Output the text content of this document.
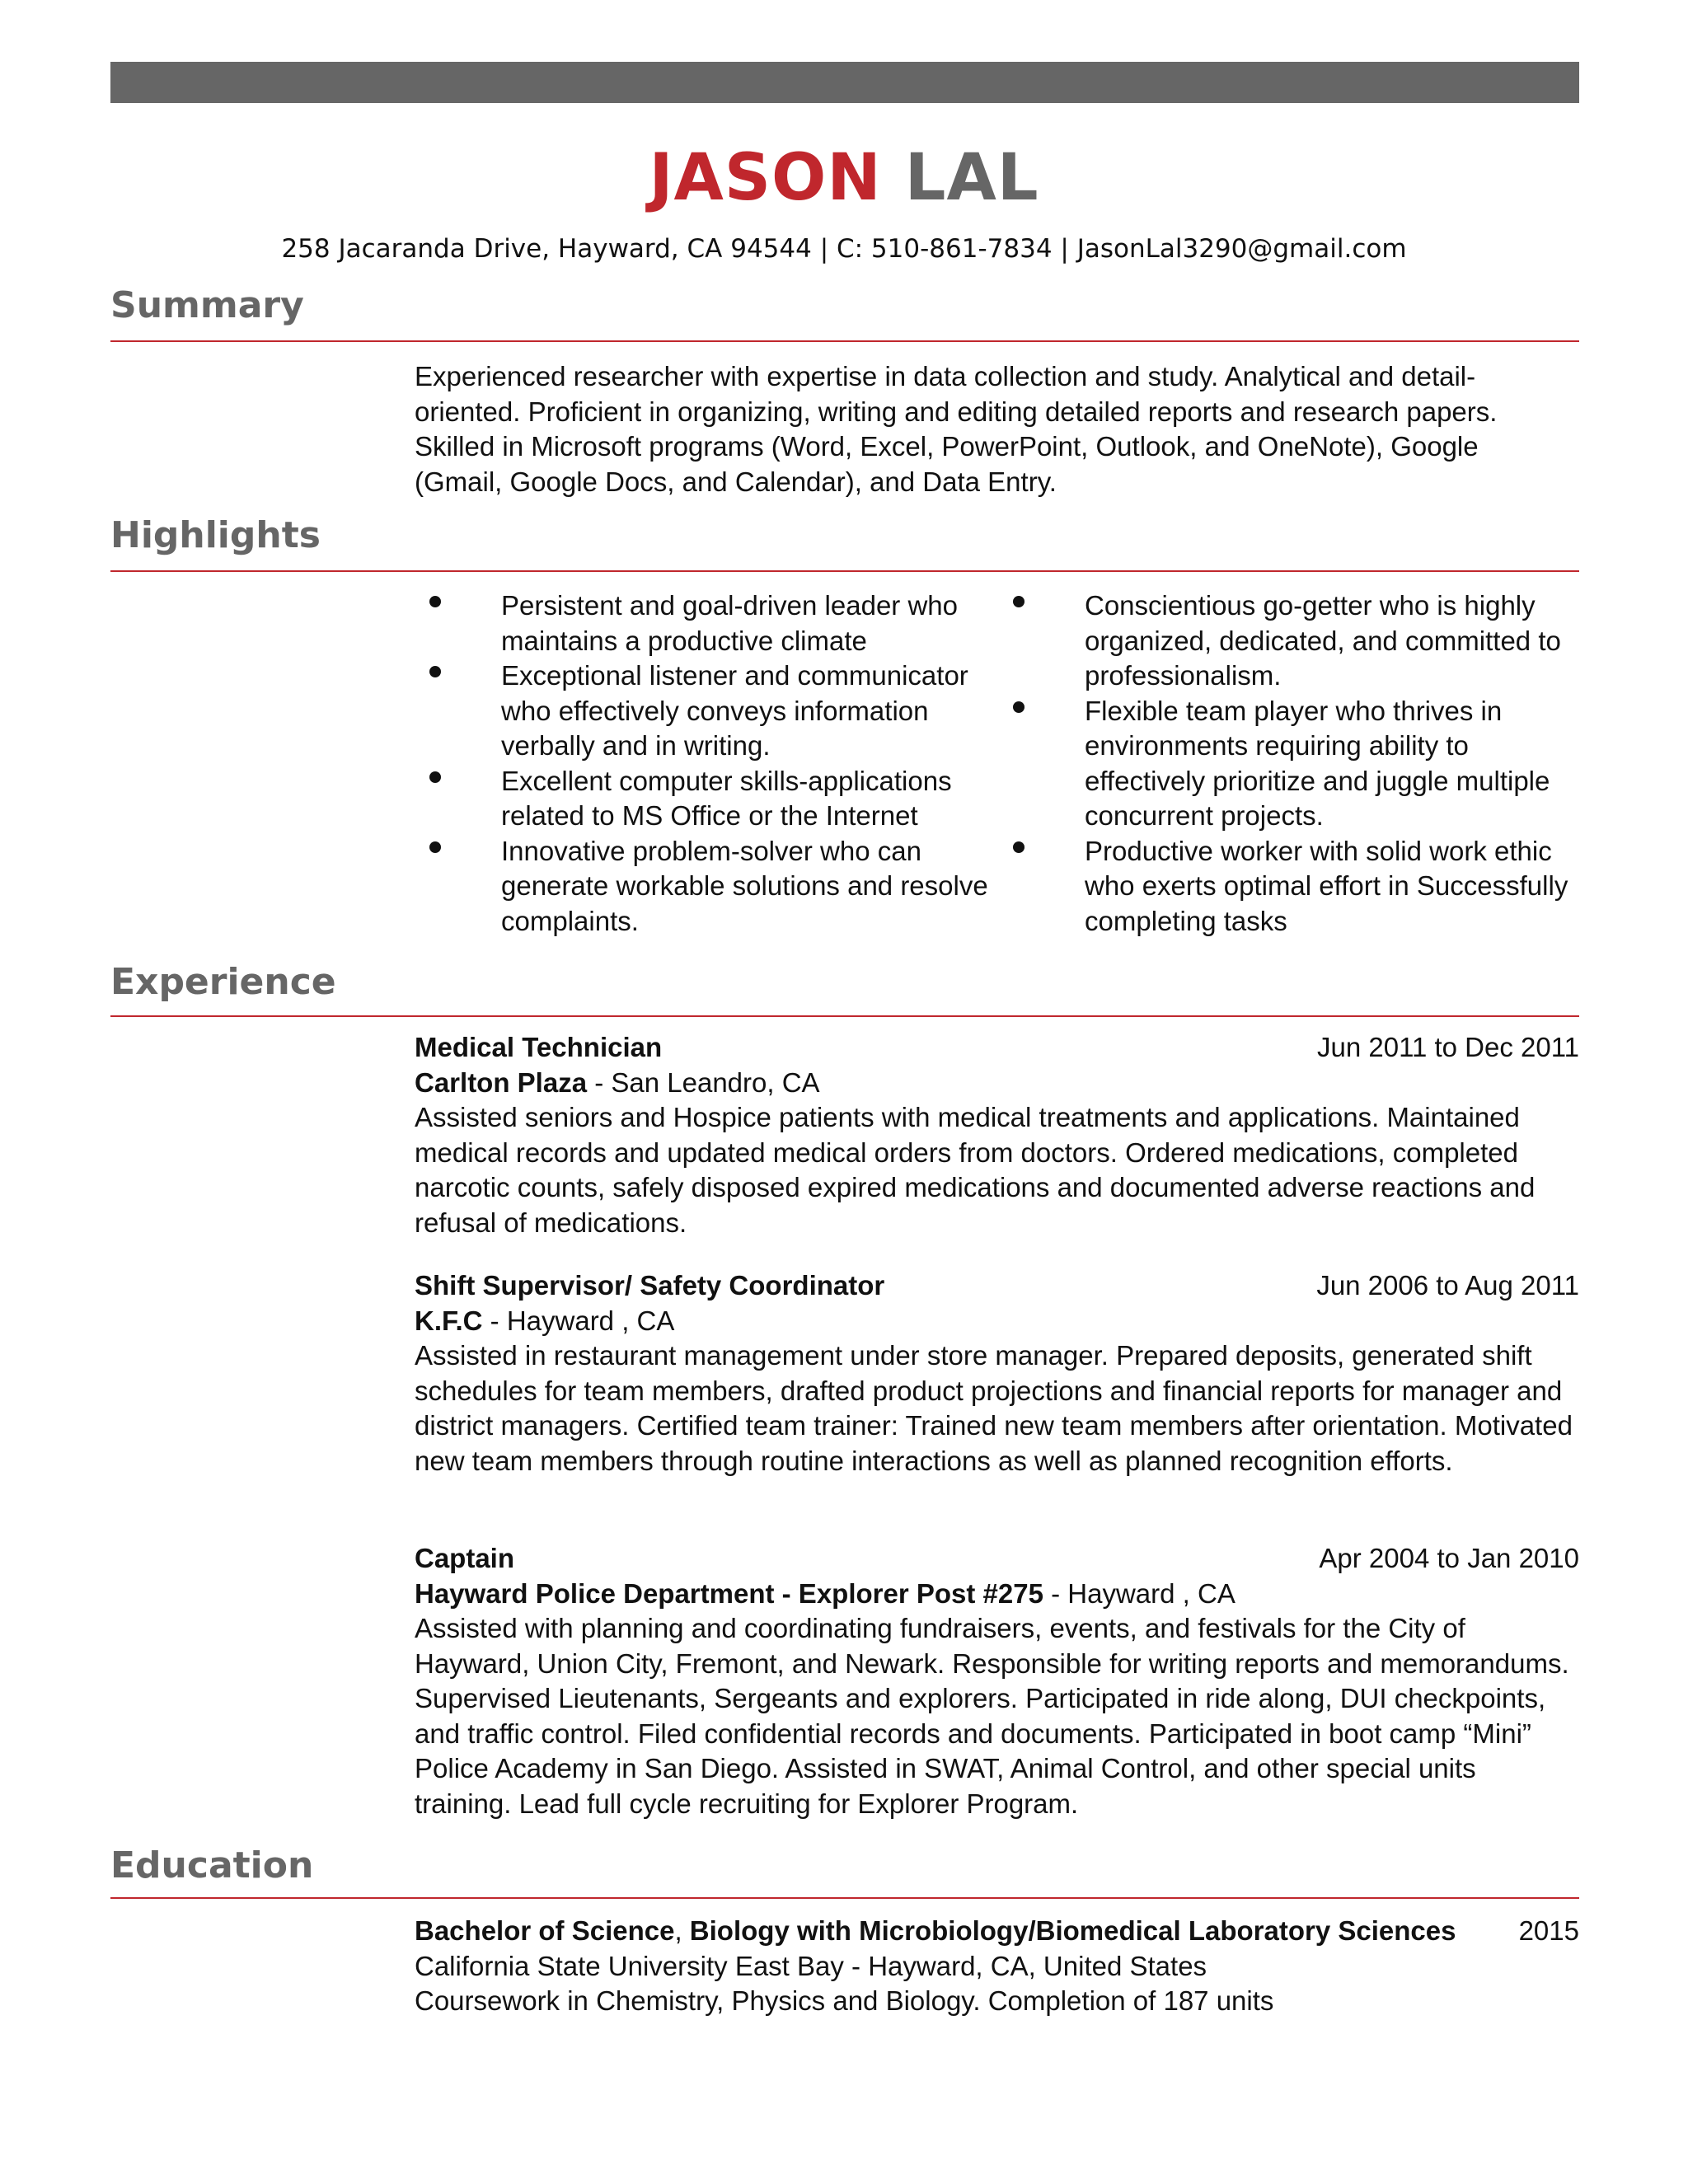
JASON LAL
258 Jacaranda Drive, Hayward, CA 94544 | C: 510-861-7834 | JasonLal3290@gmail.com
Summary
Experienced researcher with expertise in data collection and study. Analytical and detail-oriented. Proficient in organizing, writing and editing detailed reports and research papers. Skilled in Microsoft programs (Word, Excel, PowerPoint, Outlook, and OneNote), Google (Gmail, Google Docs, and Calendar), and Data Entry.
Highlights
Persistent and goal-driven leader who maintains a productive climate
Exceptional listener and communicator who effectively conveys information verbally and in writing.
Excellent computer skills-applications related to MS Office or the Internet
Innovative problem-solver who can generate workable solutions and resolve complaints.
Conscientious go-getter who is highly organized, dedicated, and committed to professionalism.
Flexible team player who thrives in environments requiring ability to effectively prioritize and juggle multiple concurrent projects.
Productive worker with solid work ethic who exerts optimal effort in Successfully completing tasks
Experience
Medical Technician	Jun 2011 to Dec 2011
Carlton Plaza - San Leandro, CA

Assisted seniors and Hospice patients with medical treatments and applications. Maintained medical records and updated medical orders from doctors. Ordered medications, completed narcotic counts, safely disposed expired medications and documented adverse reactions and refusal of medications.

Shift Supervisor/ Safety Coordinator	Jun 2006 to Aug 2011
K.F.C - Hayward , CA

Assisted in restaurant management under store manager. Prepared deposits, generated shift schedules for team members, drafted product projections and financial reports for manager and district managers. Certified team trainer: Trained new team members after orientation. Motivated new team members through routine interactions as well as planned recognition efforts.

Captain	Apr 2004 to Jan 2010
Hayward Police Department - Explorer Post #275 - Hayward , CA

Assisted with planning and coordinating fundraisers, events, and festivals for the City of Hayward, Union City, Fremont, and Newark. Responsible for writing reports and memorandums. Supervised Lieutenants, Sergeants and explorers. Participated in ride along, DUI checkpoints, and traffic control. Filed confidential records and documents. Participated in boot camp “Mini” Police Academy in San Diego. Assisted in SWAT, Animal Control, and other special units training. Lead full cycle recruiting for Explorer Program.

Education
Bachelor of Science, Biology with Microbiology/Biomedical Laboratory Sciences 2015
California State University East Bay - Hayward, CA, United States
Coursework in Chemistry, Physics and Biology. Completion of 187 units
